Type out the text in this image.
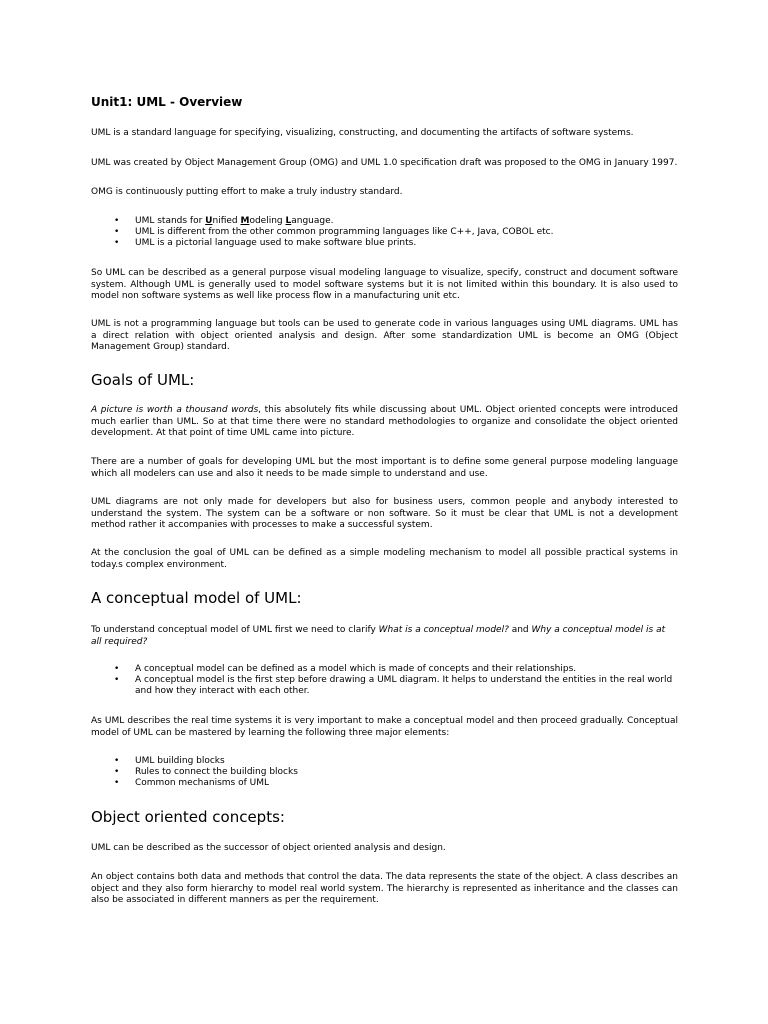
Unit1: UML - Overview

UML is a standard language for specifying, visualizing, constructing, and documenting the artifacts of software systems.

UML was created by Object Management Group (OMG) and UML 1.0 specification draft was proposed to the OMG in January 1997.

OMG is continuously putting effort to make a truly industry standard.

• UML stands for Unified Modeling Language.
• UML is different from the other common programming languages like C++, Java, COBOL etc.
• UML is a pictorial language used to make software blue prints.

So UML can be described as a general purpose visual modeling language to visualize, specify, construct and document software system. Although UML is generally used to model software systems but it is not limited within this boundary. It is also used to model non software systems as well like process flow in a manufacturing unit etc.

UML is not a programming language but tools can be used to generate code in various languages using UML diagrams. UML has a direct relation with object oriented analysis and design. After some standardization UML is become an OMG (Object Management Group) standard.

Goals of UML:

A picture is worth a thousand words, this absolutely fits while discussing about UML. Object oriented concepts were introduced much earlier than UML. So at that time there were no standard methodologies to organize and consolidate the object oriented development. At that point of time UML came into picture.

There are a number of goals for developing UML but the most important is to define some general purpose modeling language which all modelers can use and also it needs to be made simple to understand and use.

UML diagrams are not only made for developers but also for business users, common people and anybody interested to understand the system. The system can be a software or non software. So it must be clear that UML is not a development method rather it accompanies with processes to make a successful system.

At the conclusion the goal of UML can be defined as a simple modeling mechanism to model all possible practical systems in today.s complex environment.

A conceptual model of UML:

To understand conceptual model of UML first we need to clarify What is a conceptual model? and Why a conceptual model is at all required?

• A conceptual model can be defined as a model which is made of concepts and their relationships.
• A conceptual model is the first step before drawing a UML diagram. It helps to understand the entities in the real world and how they interact with each other.

As UML describes the real time systems it is very important to make a conceptual model and then proceed gradually. Conceptual model of UML can be mastered by learning the following three major elements:

• UML building blocks
• Rules to connect the building blocks
• Common mechanisms of UML
Object oriented concepts:

UML can be described as the successor of object oriented analysis and design.

An object contains both data and methods that control the data. The data represents the state of the object. A class describes an object and they also form hierarchy to model real world system. The hierarchy is represented as inheritance and the classes can also be associated in different manners as per the requirement.
